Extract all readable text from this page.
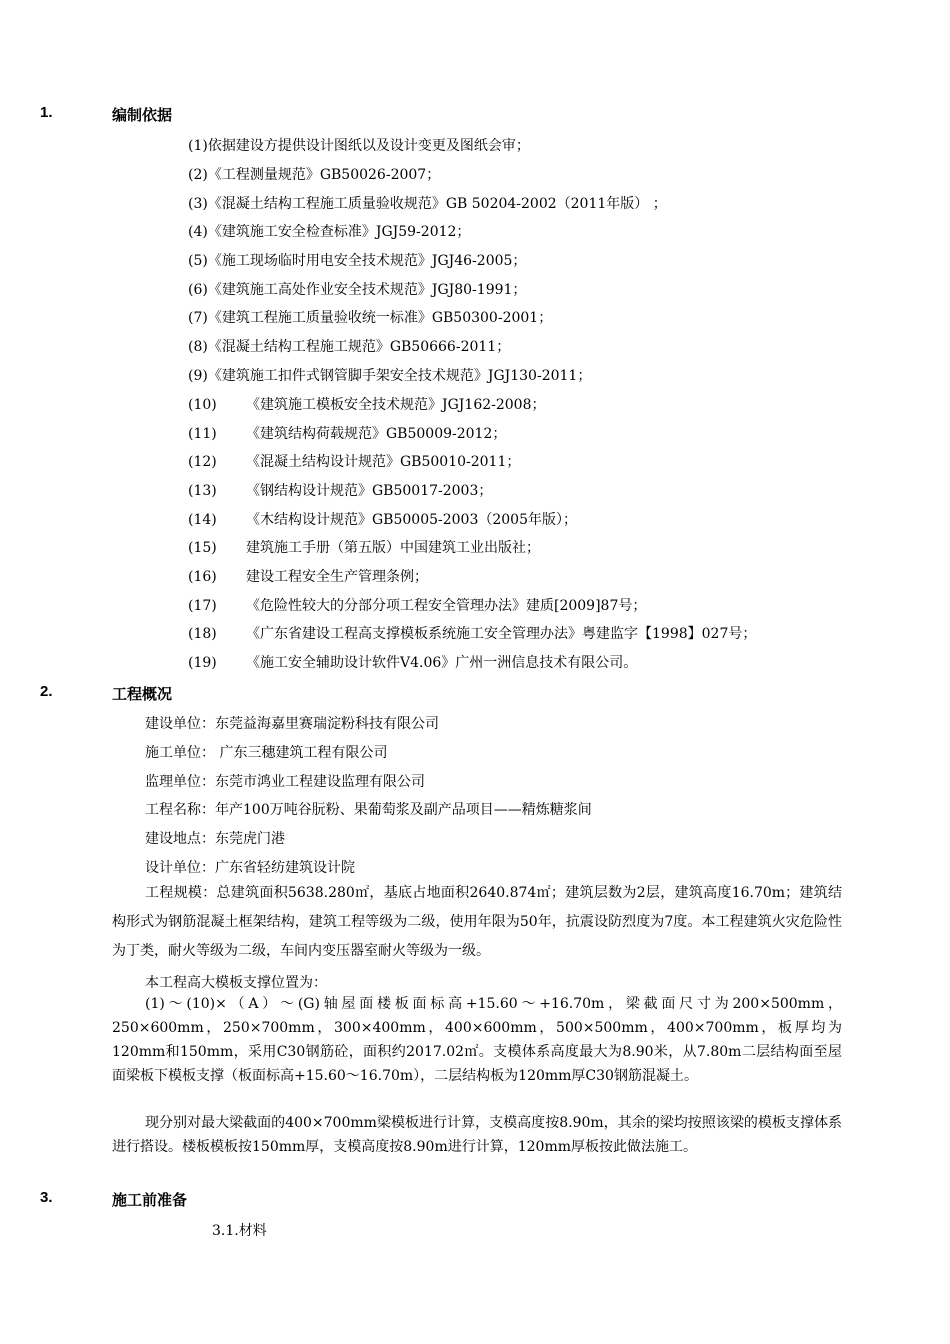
1.	编制依据
(1)依据建设方提供设计图纸以及设计变更及图纸会审；
(2)《工程测量规范》GB50026-2007；
(3)《混凝土结构工程施工质量验收规范》GB 50204-2002（2011年版） ；
(4)《建筑施工安全检查标准》JGJ59-2012；
(5)《施工现场临时用电安全技术规范》JGJ46-2005；
(6)《建筑施工高处作业安全技术规范》JGJ80-1991；
(7)《建筑工程施工质量验收统一标准》GB50300-2001；
(8)《混凝土结构工程施工规范》GB50666-2011；
(9)《建筑施工扣件式钢管脚手架安全技术规范》JGJ130-2011；
(10) 《建筑施工模板安全技术规范》JGJ162-2008；
(11) 《建筑结构荷载规范》GB50009-2012；
(12) 《混凝土结构设计规范》GB50010-2011；
(13) 《钢结构设计规范》GB50017-2003；
(14) 《木结构设计规范》GB50005-2003（2005年版）；
(15) 建筑施工手册（第五版）中国建筑工业出版社；
(16) 建设工程安全生产管理条例；
(17) 《危险性较大的分部分项工程安全管理办法》建质[2009]87号；
(18) 《广东省建设工程高支撑模板系统施工安全管理办法》粤建监字【1998】027号；
(19) 《施工安全辅助设计软件V4.06》广州一洲信息技术有限公司。
2.	工程概况
建设单位：东莞益海嘉里赛瑞淀粉科技有限公司
施工单位： 广东三穗建筑工程有限公司
监理单位：东莞市鸿业工程建设监理有限公司
工程名称：年产100万吨谷朊粉、果葡萄浆及副产品项目——精炼糖浆间
建设地点：东莞虎门港
设计单位：广东省轻纺建筑设计院
工程规模：总建筑面积5638.280㎡，基底占地面积2640.874㎡；建筑层数为2层，建筑高度16.70m；建筑结构形式为钢筋混凝土框架结构，建筑工程等级为二级，使用年限为50年，抗震设防烈度为7度。本工程建筑火灾危险性为丁类，耐火等级为二级，车间内变压器室耐火等级为一级。
本工程高大模板支撑位置为：
(1)～(10)×（A）～(G)轴屋面楼板面标高+15.60～+16.70m，梁截面尺寸为200×500mm，250×600mm，250×700mm，300×400mm，400×600mm，500×500mm，400×700mm，板厚均为120mm和150mm，采用C30钢筋砼，面积约2017.02㎡。支模体系高度最大为8.90米，从7.80m二层结构面至屋面梁板下模板支撑（板面标高+15.60～16.70m），二层结构板为120mm厚C30钢筋混凝土。
现分别对最大梁截面的400×700mm梁模板进行计算，支模高度按8.90m，其余的梁均按照该梁的模板支撑体系进行搭设。楼板模板按150mm厚，支模高度按8.90m进行计算，120mm厚板按此做法施工。
3.	施工前准备
3.1.材料
